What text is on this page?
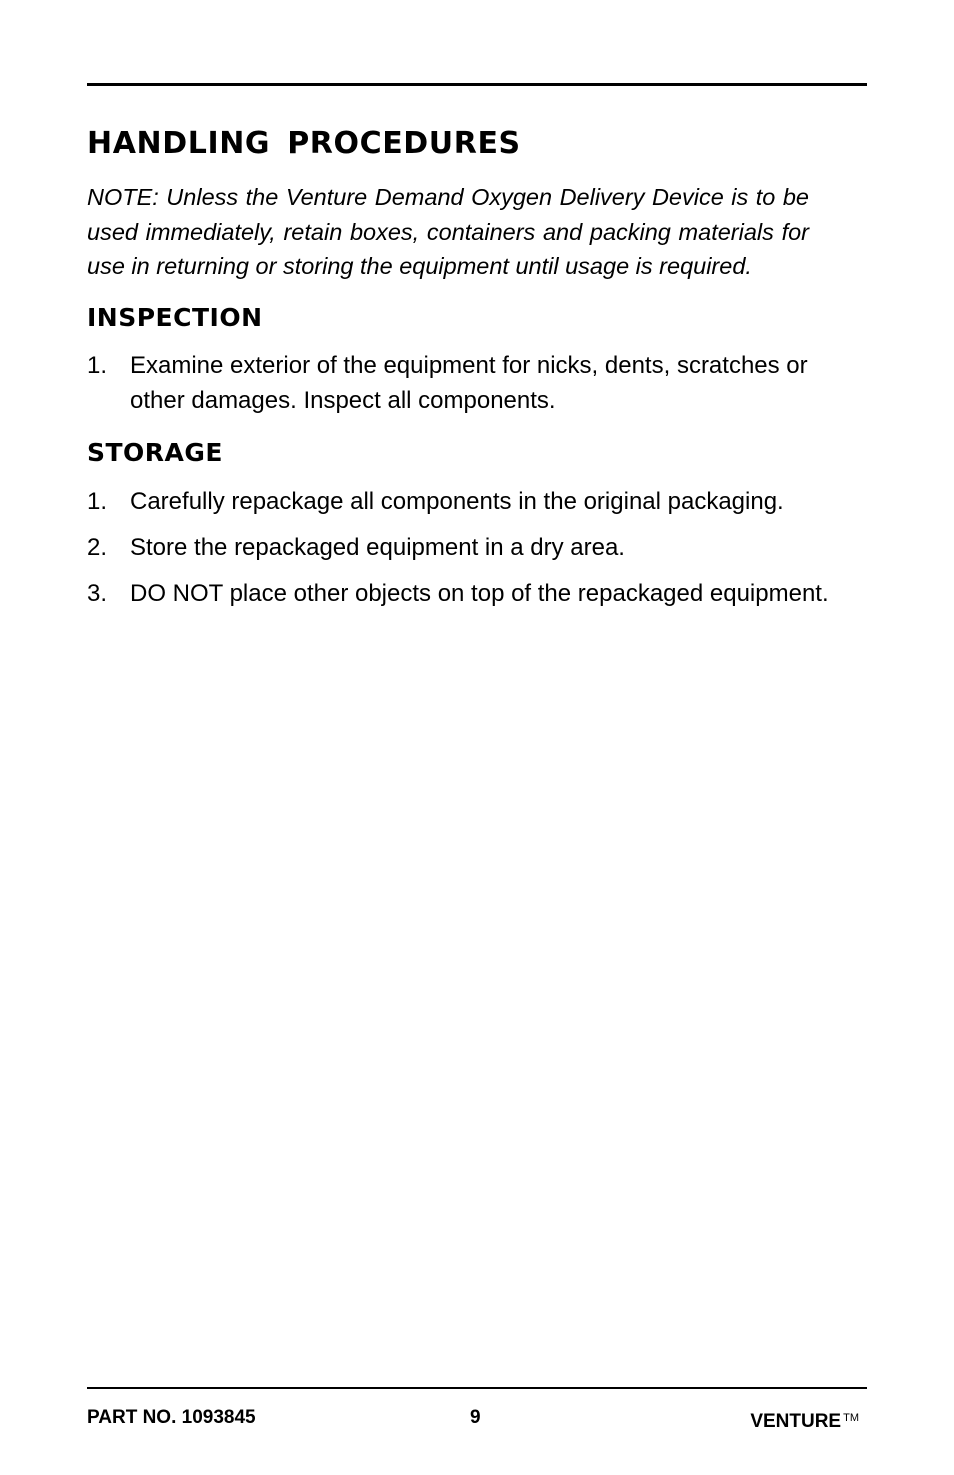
HANDLING PROCEDURES

NOTE: Unless the Venture Demand Oxygen Delivery Device is to be used immediately, retain boxes, containers and packing materials for use in returning or storing the equipment until usage is required.

INSPECTION
1. Examine exterior of the equipment for nicks, dents, scratches or other damages. Inspect all components.
STORAGE
1. Carefully repackage all components in the original packaging.
2. Store the repackaged equipment in a dry area.
3. DO NOT place other objects on top of the repackaged equipment.
PART NO. 1093845	9	VENTURE ™
